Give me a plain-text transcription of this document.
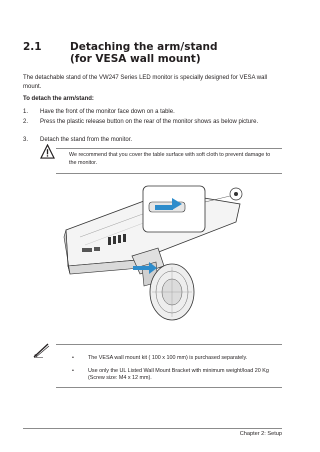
2.1	Detaching the arm/stand
(for VESA wall mount)
The detachable stand of the VW247 Series LED monitor is specially designed for VESA wall mount.
To detach the arm/stand:
1. Have the front of the monitor face down on a table.
2. Press the plastic release button on the rear of the monitor shows as below picture.
3. Detach the stand from the monitor.
We recommend that you cover the table surface with soft cloth to prevent damage to the monitor.
•	The VESA wall mount kit ( 100 x 100 mm) is purchased separately.
•	Use only the UL Listed Wall Mount Bracket with minimum weight/load 20 Kg (Screw size: M4 x 12 mm).
Chapter 2: Setup
